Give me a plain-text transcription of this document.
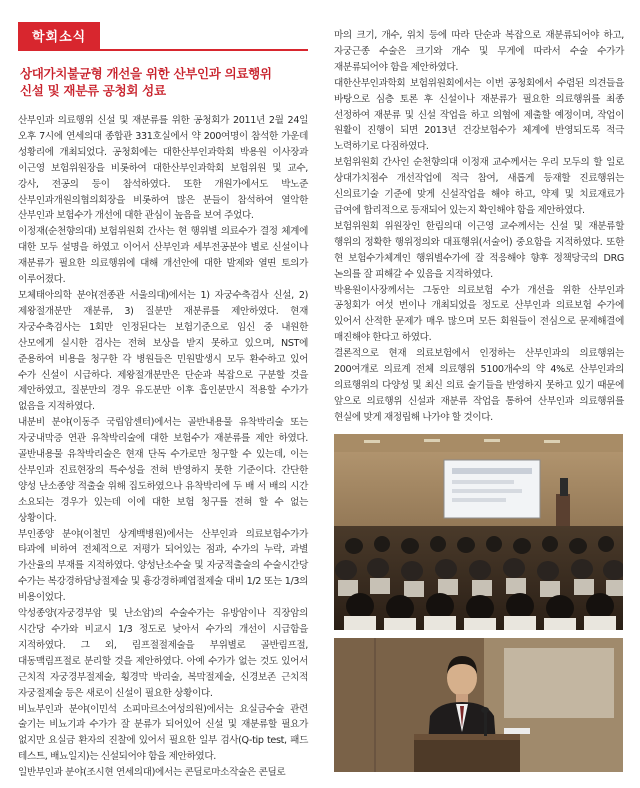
학회소식
상대가치불균형 개선을 위한 산부인과 의료행위
신설 및 재분류 공청회 성료

산부인과 의료행위 신설 및 재분류를 위한 공청회가 2011년 2월 24일 오후 7시에 연세의대 종합관 331호실에서 약 200여명이 참석한 가운데 성황리에 개최되었다. 공청회에는 대한산부인과학회 박용원 이사장과 이근영 보험위원장을 비롯하여 대한산부인과학회 보험위원 및 교수, 강사, 전공의 등이 참석하였다. 또한 개원가에서도 박노준 산부인과개원의협의회장을 비롯하여 많은 분들이 참석하여 열악한 산부인과 보험수가 개선에 대한 관심이 높음을 보여 주었다.

이정재(순천향의대) 보험위원회 간사는 현 행위별 의료수가 결정 체계에 대한 모두 설명을 하였고 이어서 산부인과 세부전공분야 별로 신설이나 재분류가 필요한 의료행위에 대해 개선안에 대한 발제와 열띤 토의가 이루어졌다.

모체태아의학 분야(전종관 서울의대)에서는 1) 자궁수축검사 신설, 2) 제왕절개분만 재분류, 3) 질분만 재분류를 제안하였다. 현재 자궁수축검사는 1회만 인정된다는 보험기준으로 임신 중 내원한 산모에게 실시한 검사는 전혀 보상을 받지 못하고 있으며, NST에 준용하여 비용을 청구한 각 병원들은 민원발생시 모두 환수하고 있어 수가 신설이 시급하다. 제왕절개분만은 단순과 복잡으로 구분할 것을 제안하였고, 질분만의 경우 유도분만 이후 흡인분만시 적용할 수가가 없음을 지적하였다.

내분비 분야(이동주 국립암센터)에서는 골반내용물 유착박리술 또는 자궁내막증 연관 유착박리술에 대한 보험수가 재분류를 제안 하였다. 골반내용물 유착박리술은 현재 단독 수가로만 청구할 수 있는데, 이는 산부인과 진료현장의 특수성을 전혀 반영하지 못한 기준이다. 간단한 양성 난소종양 적출술 위해 집도하였으나 유착박리에 두 배 서 배의 시간 소요되는 경우가 있는데 이에 대한 보험 청구를 전혀 할 수 없는 상황이다.

부인종양 분야(이철민 상계백병원)에서는 산부인과 의료보험수가가 타과에 비하여 전체적으로 저평가 되어있는 점과, 수가의 누락, 과별 가산율의 부재를 지적하였다. 양성난소수술 및 자궁적출술의 수술시간당 수가는 복강경하담낭절제술 및 흉강경하폐엽절제술 대비 1/2 또는 1/3의 비용이었다.

악성종양(자궁경부암 및 난소암)의 수술수가는 유방암이나 직장암의 시간당 수가와 비교시 1/3 정도로 낮아서 수가의 개선이 시급함을 지적하였다. 그 외, 림프절절제술을 부위별로 골반림프절, 대동맥림프절로 분리할 것을 제안하였다. 아예 수가가 없는 것도 있어서 근치적 자궁경부절제술, 횡경막 박리술, 복막절제술, 신경보존 근치적 자궁절제술 등은 새로이 신설이 필요한 상황이다.

비뇨부인과 분야(이민석 소피마르소여성의원)에서는 요실금수술 관련 술기는 비뇨기과 수가가 잘 분류가 되어있어 신설 및 재분류할 필요가 없지만 요실금 환자의 진찰에 있어서 필요한 일부 검사(Q-tip test, 패드 테스트, 배뇨일지)는 신설되어야 함을 제안하였다.

일반부인과 분야(조시현 연세의대)에서는 콘딜로마소작술은 콘딜로

마의 크기, 개수, 위치 등에 따라 단순과 복잡으로 재분류되어야 하고, 자궁근종 수술은 크기와 개수 및 무게에 따라서 수술 수가가 재분류되어야 함을 제안하였다.

대한산부인과학회 보험위원회에서는 이번 공청회에서 수렴된 의견들을 바탕으로 심층 토론 후 신설이나 재분류가 필요한 의료행위를 최종 선정하여 재분류 및 신설 작업을 하고 의협에 제출할 예정이며, 작업이 원활이 진행이 되면 2013년 건강보험수가 체계에 반영되도록 적극 노력하기로 다짐하였다.

보험위원회 간사인 순천향의대 이정재 교수께서는 우리 모두의 할 일로 상대가치점수 개선작업에 적극 참여, 새롭게 등재할 진료행위는 신의료기술 기준에 맞게 신설작업을 해야 하고, 약제 및 치료재료가 급여에 합리적으로 등재되어 있는지 확인해야 함을 제안하였다.

보험위원회 위원장인 한림의대 이근영 교수께서는 신설 및 재분류할 행위의 정확한 행위정의와 대표행위(서술어) 중요함을 지적하였다. 또한 현 보험수가체계인 행위별수가에 잘 적응해야 향후 정책당국의 DRG 논의를 잘 피해갈 수 있음을 지적하였다.

박용원이사장께서는 그동안 의료보험 수가 개선을 위한 산부인과 공청회가 여섯 번이나 개최되었을 정도로 산부인과 의료보험 수가에 있어서 산적한 문제가 매우 많으며 모든 회원들이 전심으로 문제해결에 매진해야 한다고 하였다.

결론적으로 현재 의료보험에서 인정하는 산부인과의 의료행위는 200여개로 의료계 전체 의료행위 5100개수의 약 4%로 산부인과의 의료행위의 다양성 및 최신 의료 술기들을 반영하지 못하고 있기 때문에 앞으로 의료행위 신설과 재분류 작업을 통하여 산부인과 의료행위를 현실에 맞게 재정립해 나가야 할 것이다.
